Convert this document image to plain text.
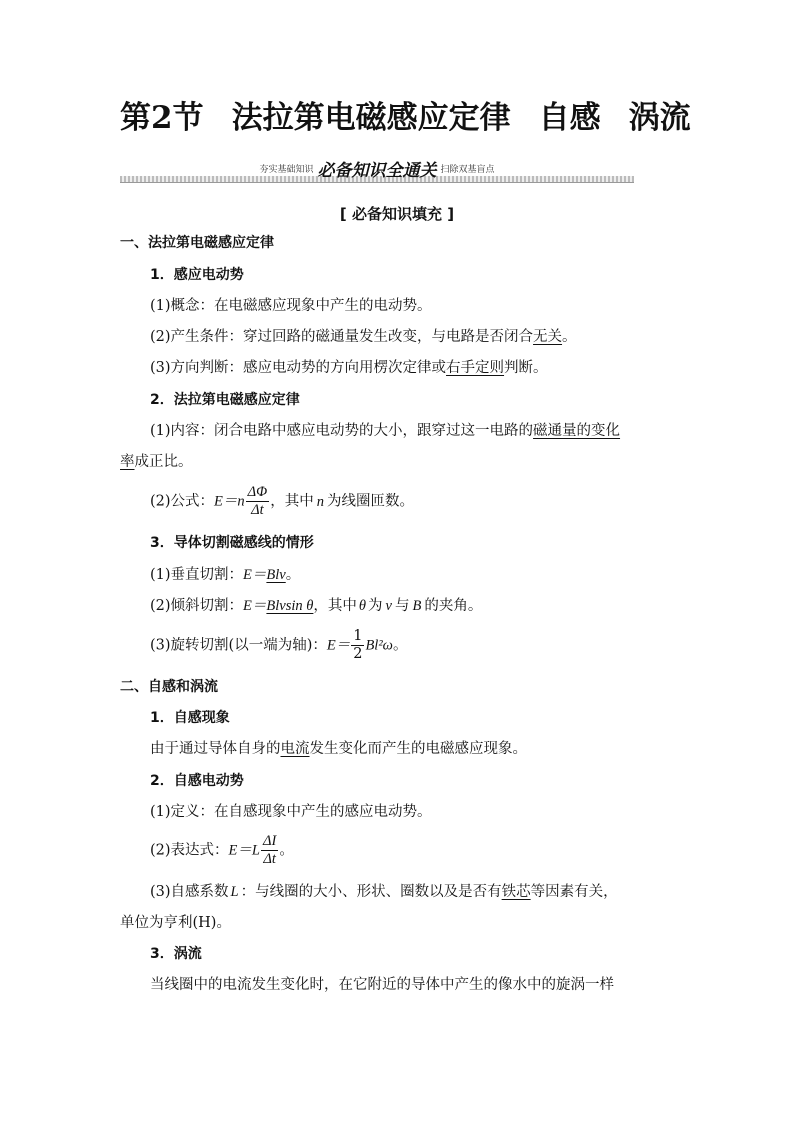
第2节 法拉第电磁感应定律 自感 涡流
夯实基础知识 必备知识全通关 扫除双基盲点
[ 必备知识填充 ]
一、法拉第电磁感应定律
1．感应电动势
(1)概念：在电磁感应现象中产生的电动势。
(2)产生条件：穿过回路的磁通量发生改变，与电路是否闭合无关。
(3)方向判断：感应电动势的方向用楞次定律或右手定则判断。
2．法拉第电磁感应定律
(1)内容：闭合电路中感应电动势的大小，跟穿过这一电路的磁通量的变化
率成正比。
(2)公式：$E=n \frac{\Delta\Phi}{\Delta t}$ ，其中 n 为线圈匝数。
3．导体切割磁感线的情形
(1)垂直切割：E＝Blv。
(2)倾斜切割：E＝Blvsin θ，其中 θ 为 v 与 B 的夹角。
(3)旋转切割(以一端为轴)：$E= \frac{1}{2} Bl^2\omega$。
二、自感和涡流
1．自感现象
由于通过导体自身的电流发生变化而产生的电磁感应现象。
2．自感电动势
(1)定义：在自感现象中产生的感应电动势。
(2)表达式：$E=L \frac{\Delta I}{\Delta t}$ 。
(3)自感系数 L ：与线圈的大小、形状、圈数以及是否有铁芯等因素有关，
单位为亨利(H)。
3．涡流
当线圈中的电流发生变化时，在它附近的导体中产生的像水中的旋涡一样
